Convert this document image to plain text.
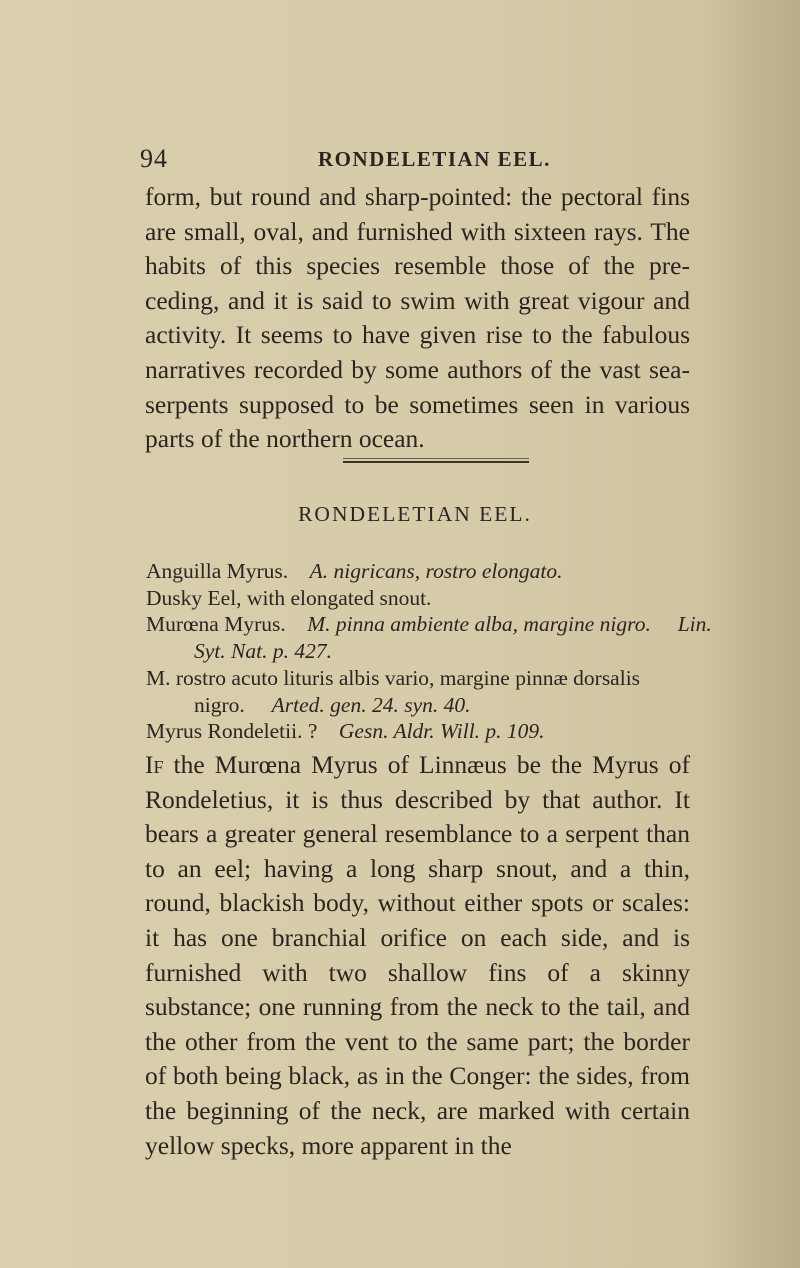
94	RONDELETIAN EEL.

form, but round and sharp-pointed: the pectoral fins are small, oval, and furnished with sixteen rays. The habits of this species resemble those of the pre-ceding, and it is said to swim with great vigour and activity. It seems to have given rise to the fabulous narratives recorded by some authors of the vast sea-serpents supposed to be sometimes seen in various parts of the northern ocean.

RONDELETIAN EEL.

Anguilla Myrus. A. nigricans, rostro elongato.

Dusky Eel, with elongated snout.

Murœna Myrus. M. pinna ambiente alba, margine nigro. Lin.

Syt. Nat. p. 427.

M. rostro acuto lituris albis vario, margine pinnæ dorsalis

nigro. Arted. gen. 24. syn. 40.

Myrus Rondeletii. ? Gesn. Aldr. Will. p. 109.

If the Murœna Myrus of Linnæus be the Myrus of Rondeletius, it is thus described by that author. It bears a greater general resemblance to a serpent than to an eel; having a long sharp snout, and a thin, round, blackish body, without either spots or scales: it has one branchial orifice on each side, and is furnished with two shallow fins of a skinny substance; one running from the neck to the tail, and the other from the vent to the same part; the border of both being black, as in the Conger: the sides, from the beginning of the neck, are marked with certain yellow specks, more apparent in the
